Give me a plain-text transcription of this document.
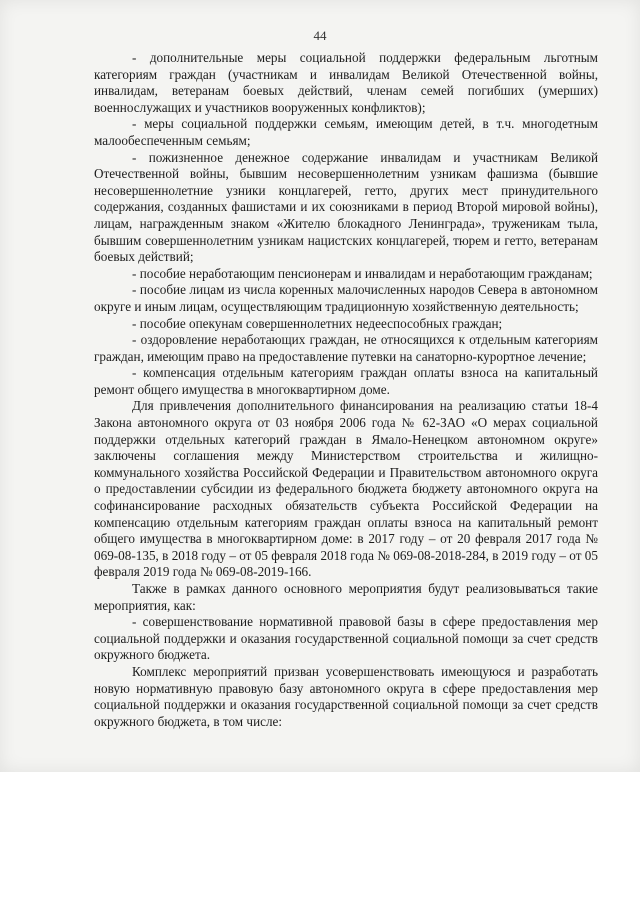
44

- дополнительные меры социальной поддержки федеральным льготным категориям граждан (участникам и инвалидам Великой Отечественной войны, инвалидам, ветеранам боевых действий, членам семей погибших (умерших) военнослужащих и участников вооруженных конфликтов);

- меры социальной поддержки семьям, имеющим детей, в т.ч. многодетным малообеспеченным семьям;

- пожизненное денежное содержание инвалидам и участникам Великой Отечественной войны, бывшим несовершеннолетним узникам фашизма (бывшие несовершеннолетние узники концлагерей, гетто, других мест принудительного содержания, созданных фашистами и их союзниками в период Второй мировой войны), лицам, награжденным знаком «Жителю блокадного Ленинграда», труженикам тыла, бывшим совершеннолетним узникам нацистских концлагерей, тюрем и гетто, ветеранам боевых действий;

- пособие неработающим пенсионерам и инвалидам и неработающим гражданам;

- пособие лицам из числа коренных малочисленных народов Севера в автономном округе и иным лицам, осуществляющим традиционную хозяйственную деятельность;

- пособие опекунам совершеннолетних недееспособных граждан;

- оздоровление неработающих граждан, не относящихся к отдельным категориям граждан, имеющим право на предоставление путевки на санаторно-курортное лечение;

- компенсация отдельным категориям граждан оплаты взноса на капитальный ремонт общего имущества в многоквартирном доме.

Для привлечения дополнительного финансирования на реализацию статьи 18-4 Закона автономного округа от 03 ноября 2006 года № 62-ЗАО «О мерах социальной поддержки отдельных категорий граждан в Ямало-Ненецком автономном округе» заключены соглашения между Министерством строительства и жилищно-коммунального хозяйства Российской Федерации и Правительством автономного округа о предоставлении субсидии из федерального бюджета бюджету автономного округа на софинансирование расходных обязательств субъекта Российской Федерации на компенсацию отдельным категориям граждан оплаты взноса на капитальный ремонт общего имущества в многоквартирном доме: в 2017 году – от 20 февраля 2017 года № 069-08-135, в 2018 году – от 05 февраля 2018 года № 069-08-2018-284, в 2019 году – от 05 февраля 2019 года № 069-08-2019-166.

Также в рамках данного основного мероприятия будут реализовываться такие мероприятия, как:

- совершенствование нормативной правовой базы в сфере предоставления мер социальной поддержки и оказания государственной социальной помощи за счет средств окружного бюджета.

Комплекс мероприятий призван усовершенствовать имеющуюся и разработать новую нормативную правовую базу автономного округа в сфере предоставления мер социальной поддержки и оказания государственной социальной помощи за счет средств окружного бюджета, в том числе:
